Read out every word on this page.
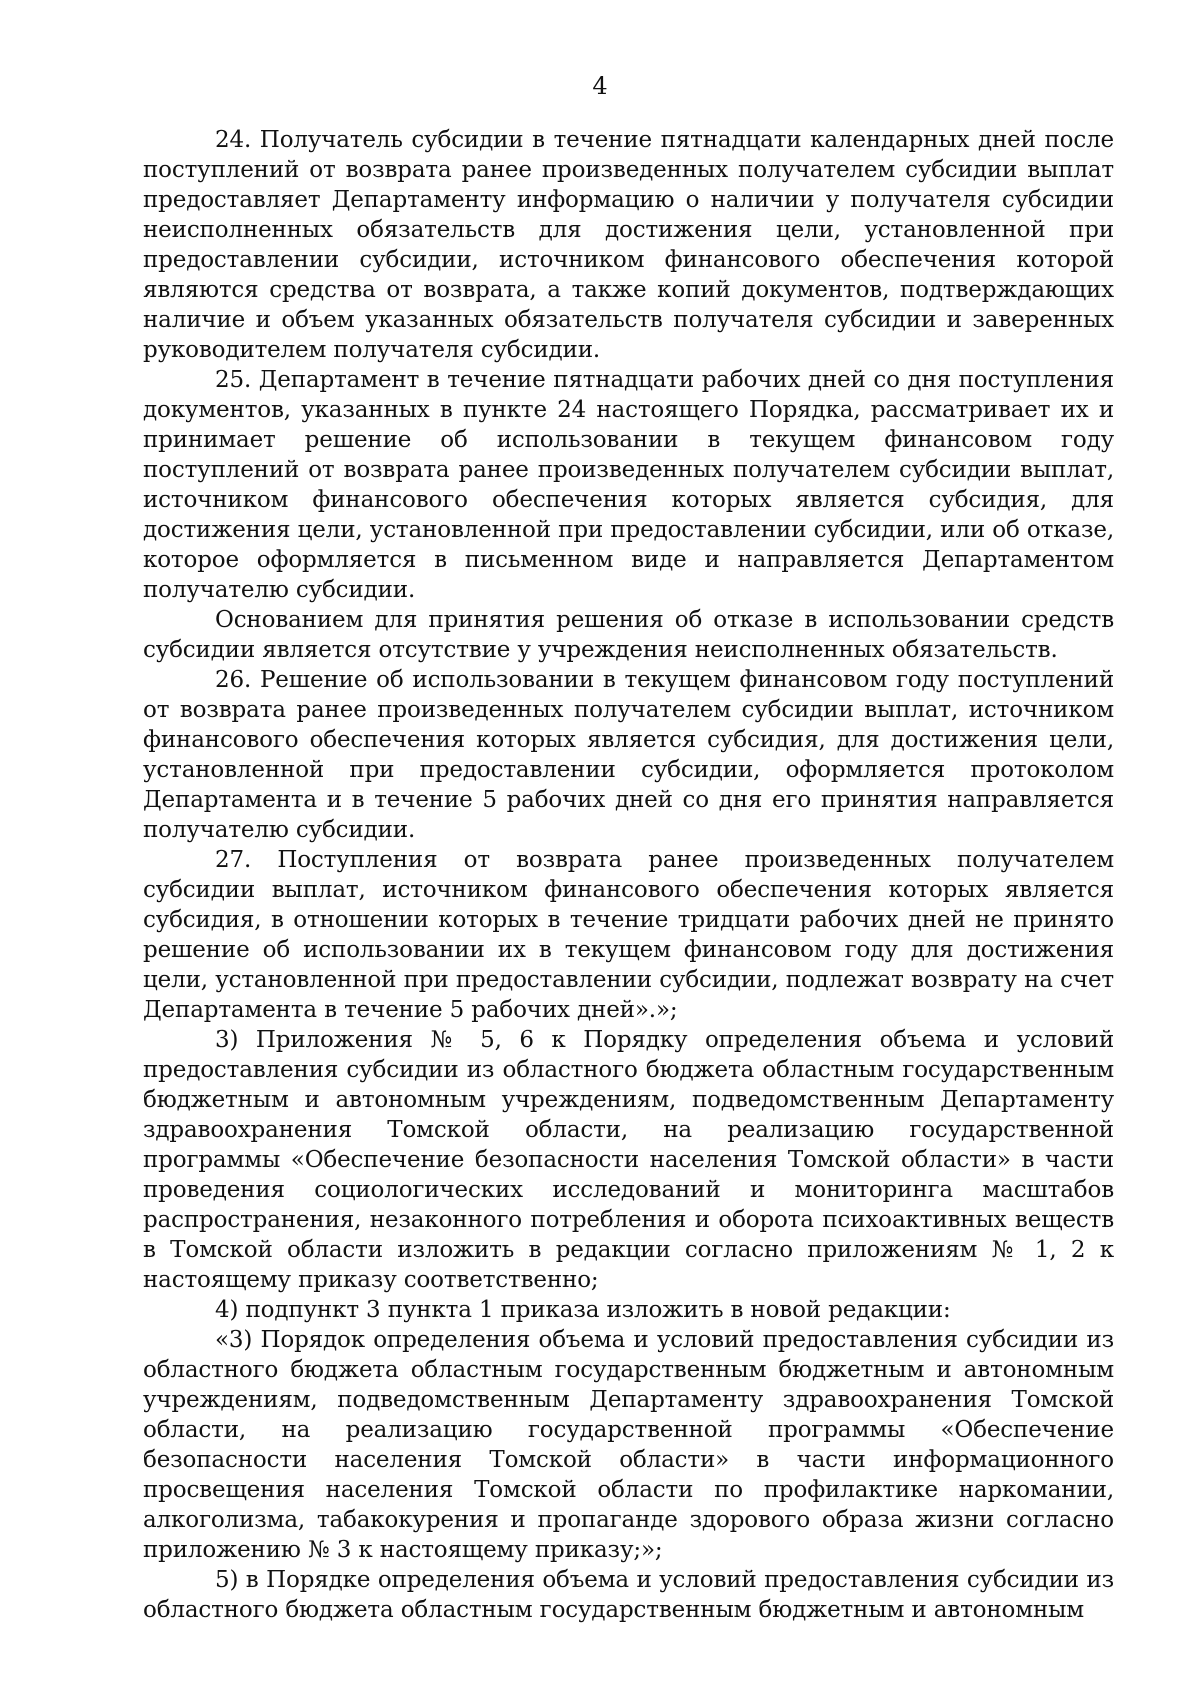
4

24. Получатель субсидии в течение пятнадцати календарных дней после поступлений от возврата ранее произведенных получателем субсидии выплат предоставляет Департаменту информацию о наличии у получателя субсидии неисполненных обязательств для достижения цели, установленной при предоставлении субсидии, источником финансового обеспечения которой являются средства от возврата, а также копий документов, подтверждающих наличие и объем указанных обязательств получателя субсидии и заверенных руководителем получателя субсидии.

25. Департамент в течение пятнадцати рабочих дней со дня поступления документов, указанных в пункте 24 настоящего Порядка, рассматривает их и принимает решение об использовании в текущем финансовом году поступлений от возврата ранее произведенных получателем субсидии выплат, источником финансового обеспечения которых является субсидия, для достижения цели, установленной при предоставлении субсидии, или об отказе, которое оформляется в письменном виде и направляется Департаментом получателю субсидии.

Основанием для принятия решения об отказе в использовании средств субсидии является отсутствие у учреждения неисполненных обязательств.

26. Решение об использовании в текущем финансовом году поступлений от возврата ранее произведенных получателем субсидии выплат, источником финансового обеспечения которых является субсидия, для достижения цели, установленной при предоставлении субсидии, оформляется протоколом Департамента и в течение 5 рабочих дней со дня его принятия направляется получателю субсидии.

27. Поступления от возврата ранее произведенных получателем субсидии выплат, источником финансового обеспечения которых является субсидия, в отношении которых в течение тридцати рабочих дней не принято решение об использовании их в текущем финансовом году для достижения цели, установленной при предоставлении субсидии, подлежат возврату на счет Департамента в течение 5 рабочих дней».»;

3) Приложения № 5, 6 к Порядку определения объема и условий предоставления субсидии из областного бюджета областным государственным бюджетным и автономным учреждениям, подведомственным Департаменту здравоохранения Томской области, на реализацию государственной программы «Обеспечение безопасности населения Томской области» в части проведения социологических исследований и мониторинга масштабов распространения, незаконного потребления и оборота психоактивных веществ в Томской области изложить в редакции согласно приложениям № 1, 2 к настоящему приказу соответственно;

4) подпункт 3 пункта 1 приказа изложить в новой редакции:

«3) Порядок определения объема и условий предоставления субсидии из областного бюджета областным государственным бюджетным и автономным учреждениям, подведомственным Департаменту здравоохранения Томской области, на реализацию государственной программы «Обеспечение безопасности населения Томской области» в части информационного просвещения населения Томской области по профилактике наркомании, алкоголизма, табакокурения и пропаганде здорового образа жизни согласно приложению № 3 к настоящему приказу;»;

5) в Порядке определения объема и условий предоставления субсидии из областного бюджета областным государственным бюджетным и автономным
